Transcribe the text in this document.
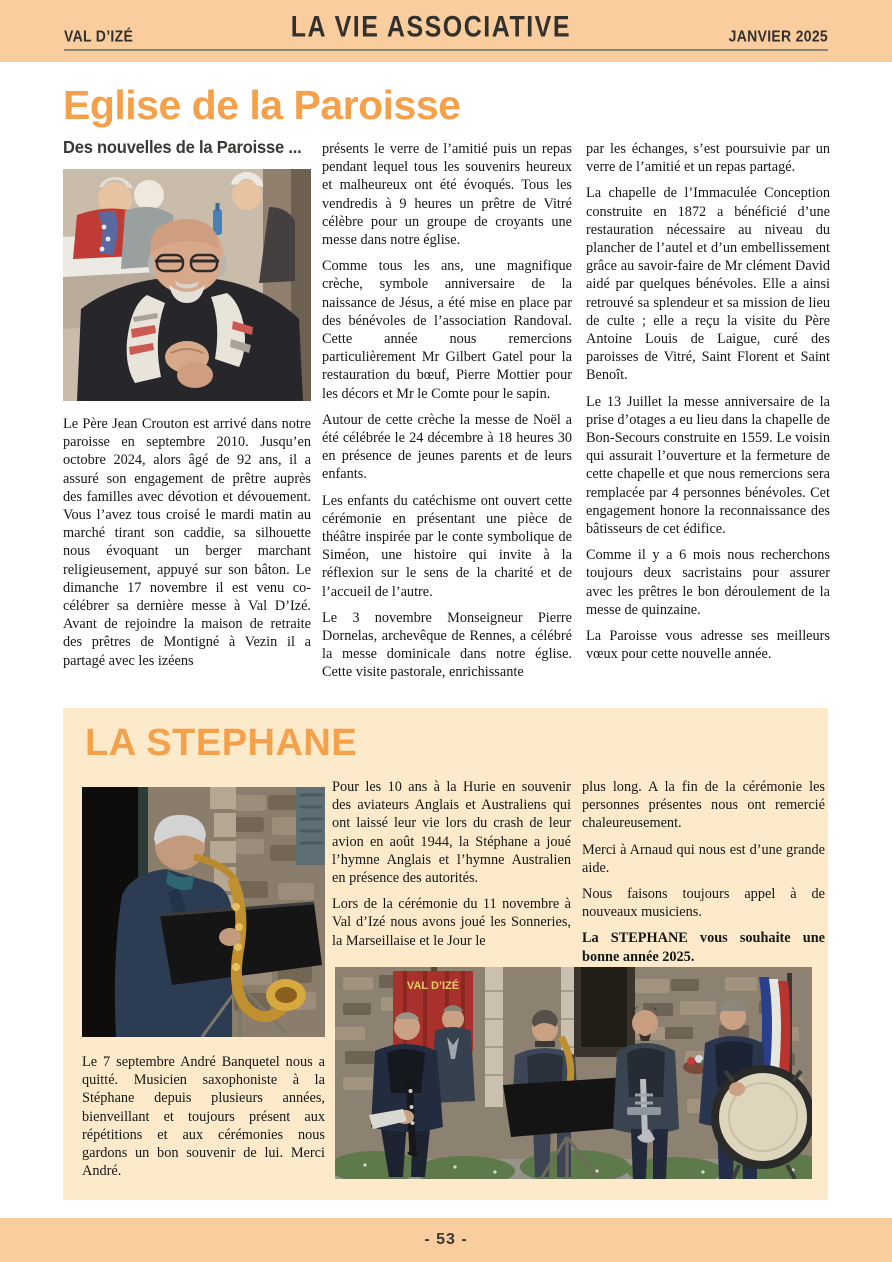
VAL D’IZÉ	LA VIE ASSOCIATIVE	JANVIER 2025
Eglise de la Paroisse
Des nouvelles de la Paroisse ...

Le Père Jean Crouton est arrivé dans notre paroisse en septembre 2010. Jusqu’en octobre 2024, alors âgé de 92 ans, il a assuré son engagement de prêtre auprès des familles avec dévotion et dévouement. Vous l’avez tous croisé le mardi matin au marché tirant son caddie, sa silhouette nous évoquant un berger marchant religieusement, appuyé sur son bâton. Le dimanche 17 novembre il est venu co-célébrer sa dernière messe à Val D’Izé. Avant de rejoindre la maison de retraite des prêtres de Montigné à Vezin il a partagé avec les izéens

présents le verre de l’amitié puis un repas pendant lequel tous les souvenirs heureux et malheureux ont été évoqués. Tous les vendredis à 9 heures un prêtre de Vitré célèbre pour un groupe de croyants une messe dans notre église.

Comme tous les ans, une magnifique crèche, symbole anniversaire de la naissance de Jésus, a été mise en place par des bénévoles de l’association Randoval. Cette année nous remercions particulièrement Mr Gilbert Gatel pour la restauration du bœuf, Pierre Mottier pour les décors et Mr le Comte pour le sapin.

Autour de cette crèche la messe de Noël a été célébrée le 24 décembre à 18 heures 30 en présence de jeunes parents et de leurs enfants.

Les enfants du catéchisme ont ouvert cette cérémonie en présentant une pièce de théâtre inspirée par le conte symbolique de Siméon, une histoire qui invite à la réflexion sur le sens de la charité et de l’accueil de l’autre.

Le 3 novembre Monseigneur Pierre Dornelas, archevêque de Rennes, a célébré la messe dominicale dans notre église. Cette visite pastorale, enrichissante

par les échanges, s’est poursuivie par un verre de l’amitié et un repas partagé.

La chapelle de l’Immaculée Conception construite en 1872 a bénéficié d’une restauration nécessaire au niveau du plancher de l’autel et d’un embellissement grâce au savoir-faire de Mr clément David aidé par quelques bénévoles. Elle a ainsi retrouvé sa splendeur et sa mission de lieu de culte ; elle a reçu la visite du Père Antoine Louis de Laigue, curé des paroisses de Vitré, Saint Florent et Saint Benoît.

Le 13 Juillet la messe anniversaire de la prise d’otages a eu lieu dans la chapelle de Bon-Secours construite en 1559. Le voisin qui assurait l’ouverture et la fermeture de cette chapelle et que nous remercions sera remplacée par 4 personnes bénévoles. Cet engagement honore la reconnaissance des bâtisseurs de cet édifice.

Comme il y a 6 mois nous recherchons toujours deux sacristains pour assurer avec les prêtres le bon déroulement de la messe de quinzaine.

La Paroisse vous adresse ses meilleurs vœux pour cette nouvelle année.

LA STEPHANE

Le 7 septembre André Banquetel nous a quitté. Musicien saxophoniste à la Stéphane depuis plusieurs années, bienveillant et toujours présent aux répétitions et aux cérémonies nous gardons un bon souvenir de lui. Merci André.

Pour les 10 ans à la Hurie en souvenir des aviateurs Anglais et Australiens qui ont laissé leur vie lors du crash de leur avion en août 1944, la Stéphane a joué l’hymne Anglais et l’hymne Australien en présence des autorités.

Lors de la cérémonie du 11 novembre à Val d’Izé nous avons joué les Sonneries, la Marseillaise et le Jour le

plus long. A la fin de la cérémonie les personnes présentes nous ont remercié chaleureusement.

Merci à Arnaud qui nous est d’une grande aide.

Nous faisons toujours appel à de nouveaux musiciens.

La STEPHANE vous souhaite une bonne année 2025.

VAL D’IZÉ
- 53 -
